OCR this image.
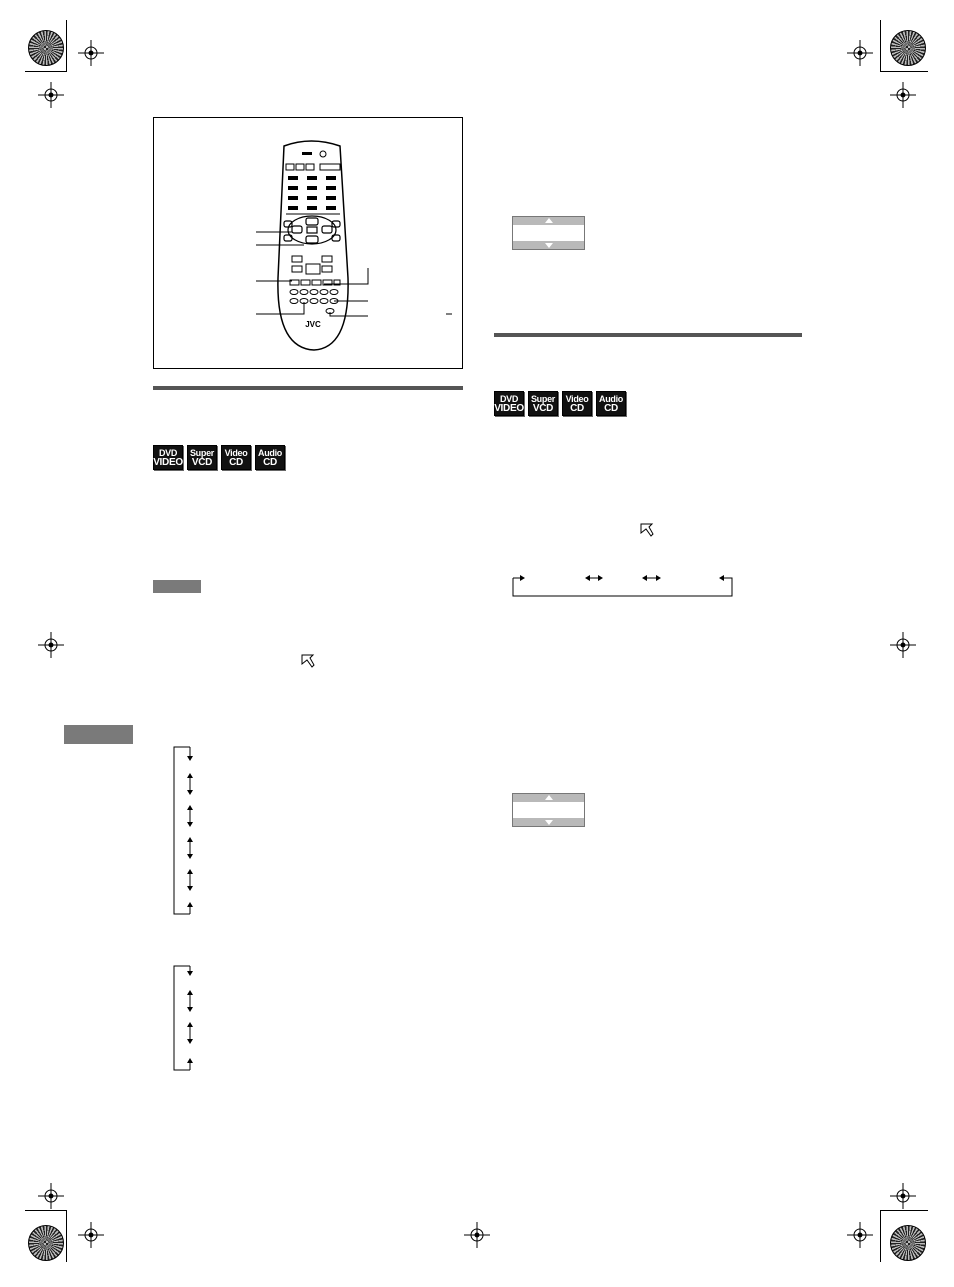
JVC
DVD
VIDEO
Super
VCD
Video
CD
Audio
CD
DVD
VIDEO
Super
VCD
Video
CD
Audio
CD
